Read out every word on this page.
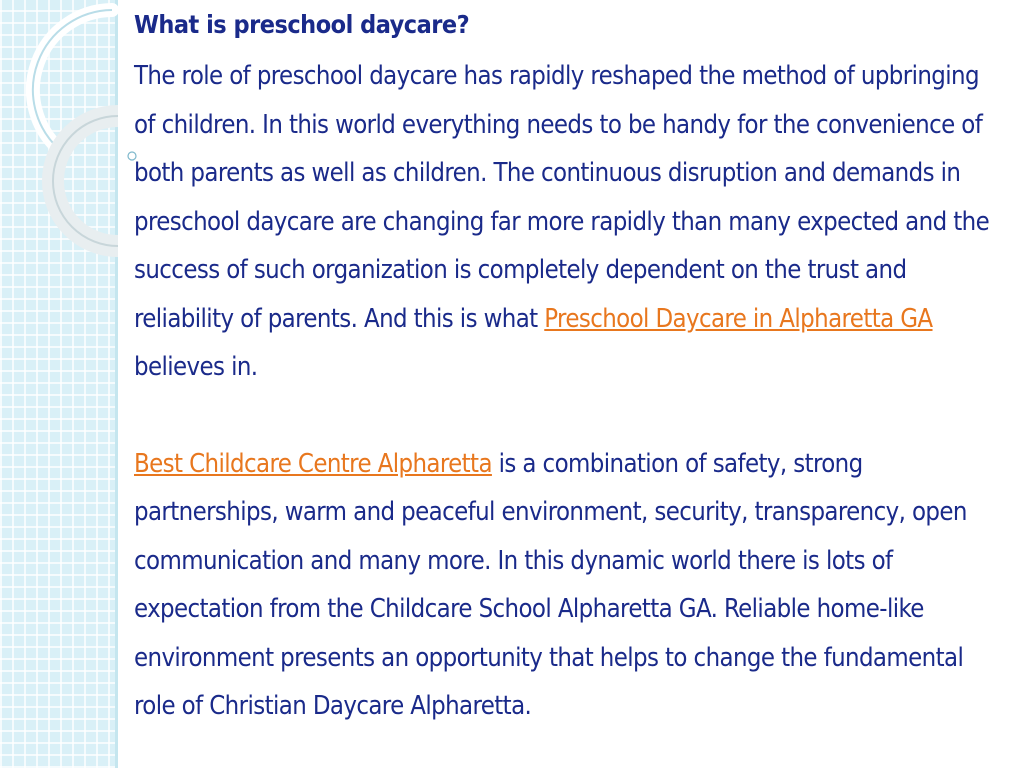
What is preschool daycare?

The role of preschool daycare has rapidly reshaped the method of upbringing of children. In this world everything needs to be handy for the convenience of both parents as well as children. The continuous disruption and demands in preschool daycare are changing far more rapidly than many expected and the success of such organization is completely dependent on the trust and reliability of parents. And this is what Preschool Daycare in Alpharetta GA believes in.

Best Childcare Centre Alpharetta is a combination of safety, strong partnerships, warm and peaceful environment, security, transparency, open communication and many more. In this dynamic world there is lots of expectation from the Childcare School Alpharetta GA. Reliable home-like environment presents an opportunity that helps to change the fundamental role of Christian Daycare Alpharetta.
